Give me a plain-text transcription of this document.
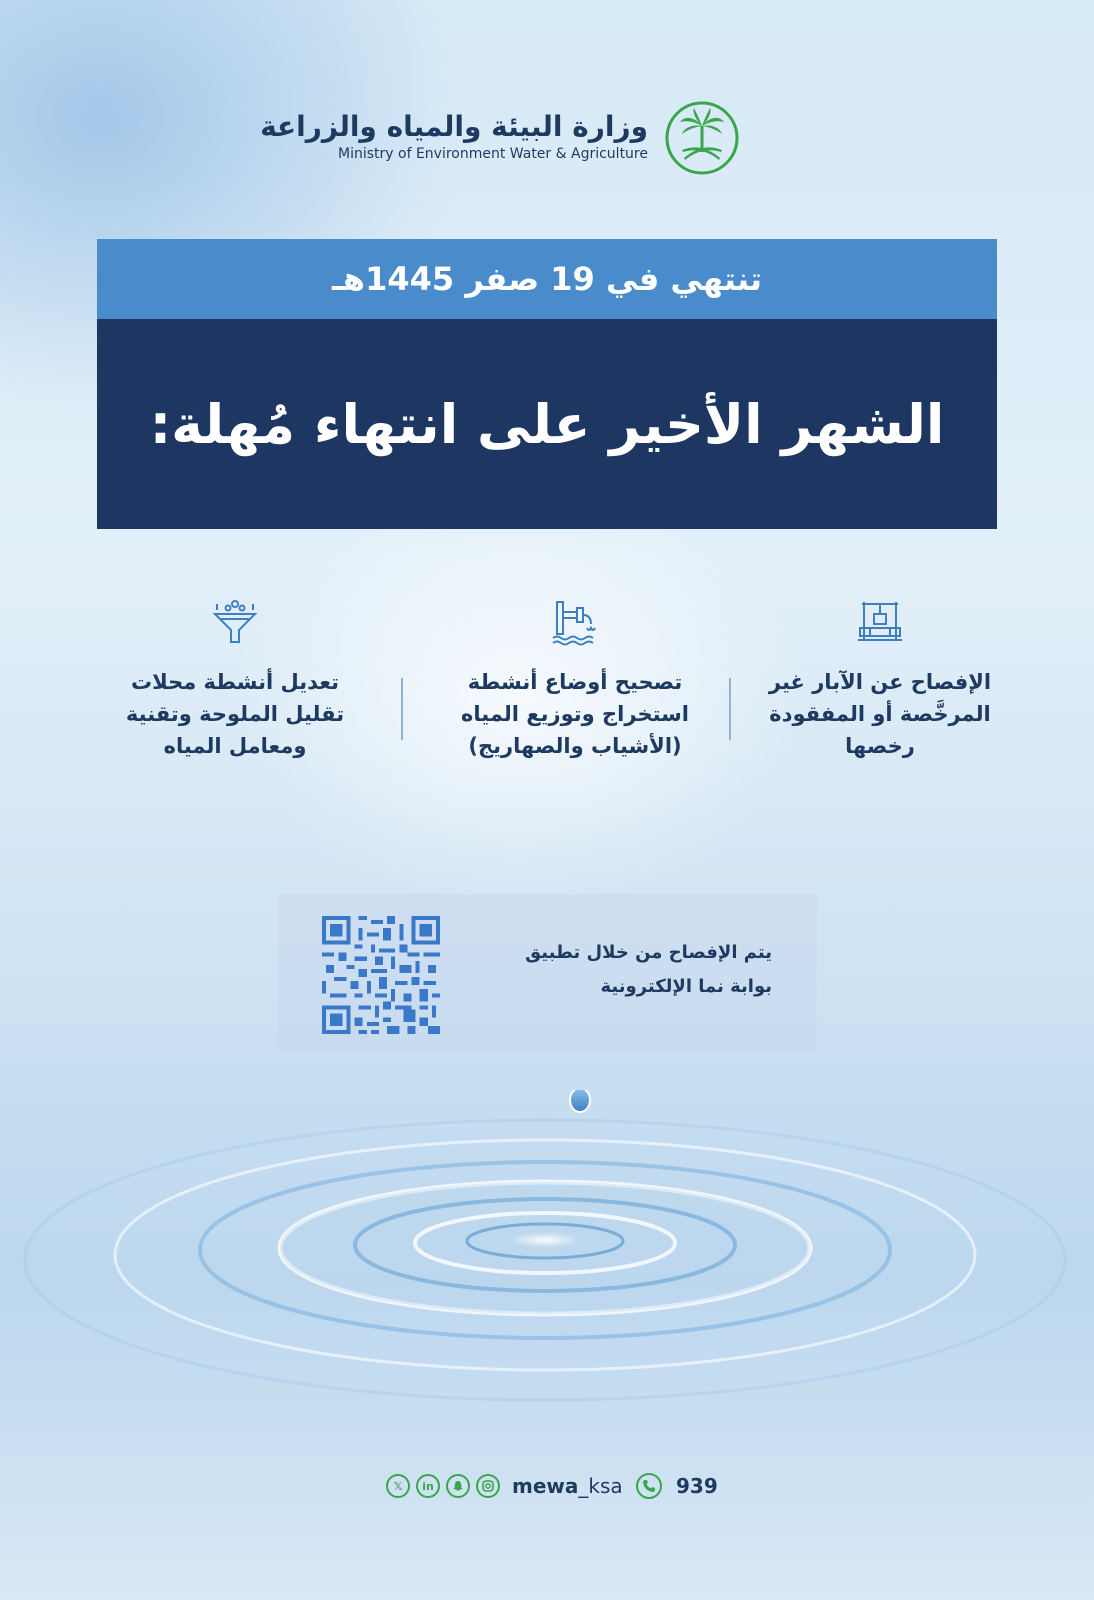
وزارة البيئة والمياه والزراعة
Ministry of Environment Water & Agriculture
تنتهي في 19 صفر 1445هـ
الشهر الأخير على انتهاء مُهلة:
الإفصاح عن الآبار غير
المرخَّصة أو المفقودة
رخصها
تصحيح أوضاع أنشطة
استخراج وتوزيع المياه
(الأشياب والصهاريج)
تعديل أنشطة محلات
تقليل الملوحة وتقنية
ومعامل المياه
يتم الإفصاح من خلال تطبيق
بوابة نما الإلكترونية
𝕏	in	mewa_ksa	939
